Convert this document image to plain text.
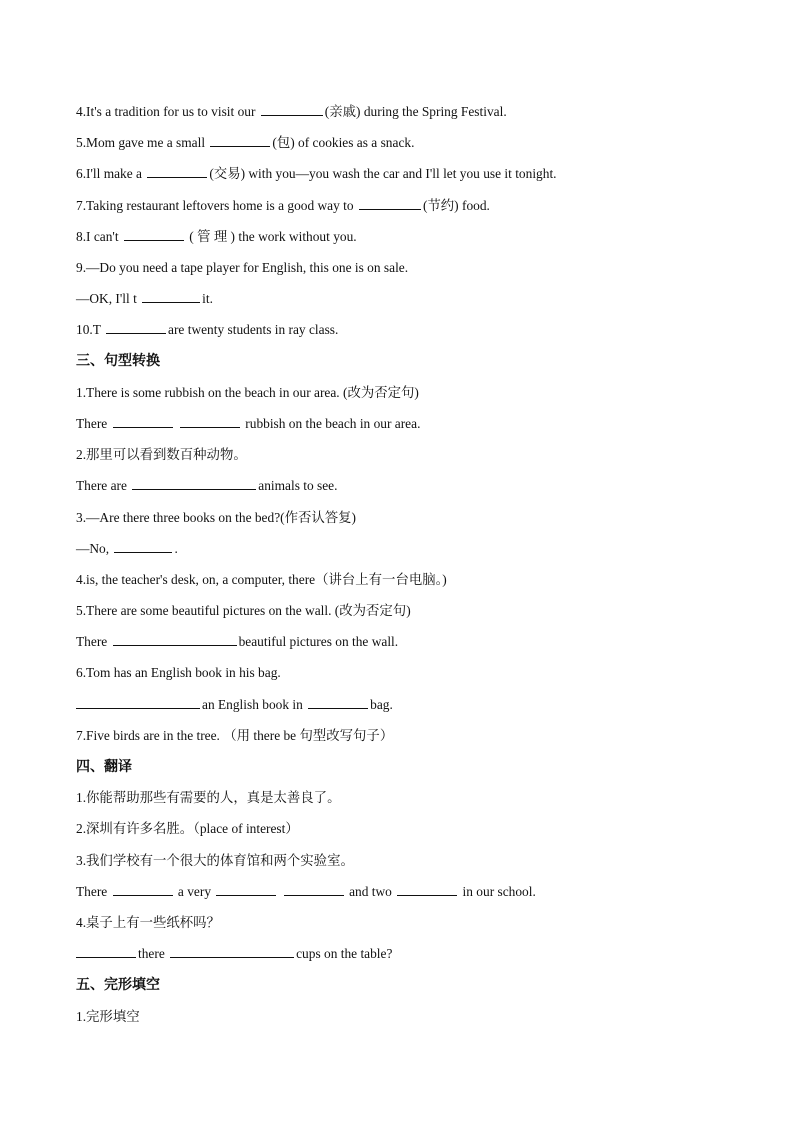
4.It's a tradition for us to visit our	(亲戚) during the Spring Festival.
5.Mom gave me a small	(包) of cookies as a snack.
6.I'll make a	(交易) with you—you wash the car and I'll let you use it tonight.
7.Taking restaurant leftovers home is a good way to	(节约) food.
8.I can't	( 管 理 ) the work without you.
9.—Do you need a tape player for English, this one is on sale.
—OK, I'll t	it.
10.T	are twenty students in ray class.
三、句型转换
1.There is some rubbish on the beach in our area. (改为否定句)
There	rubbish on the beach in our area.
2.那里可以看到数百种动物。
There are	animals to see.
3.—Are there three books on the bed?(作否认答复)
—No,	.
4.is, the teacher's desk, on, a computer, there（讲台上有一台电脑。)
5.There are some beautiful pictures on the wall. (改为否定句)
There	beautiful pictures on the wall.
6.Tom has an English book in his bag.
an English book in	bag.
7.Five birds are in the tree. （用 there be 句型改写句子）
四、翻译
1.你能帮助那些有需要的人，真是太善良了。
2.深圳有许多名胜。（place of interest）
3.我们学校有一个很大的体育馆和两个实验室。
There	a very	and two	in our school.
4.桌子上有一些纸杯吗？
there	cups on the table?
五、完形填空
1.完形填空
